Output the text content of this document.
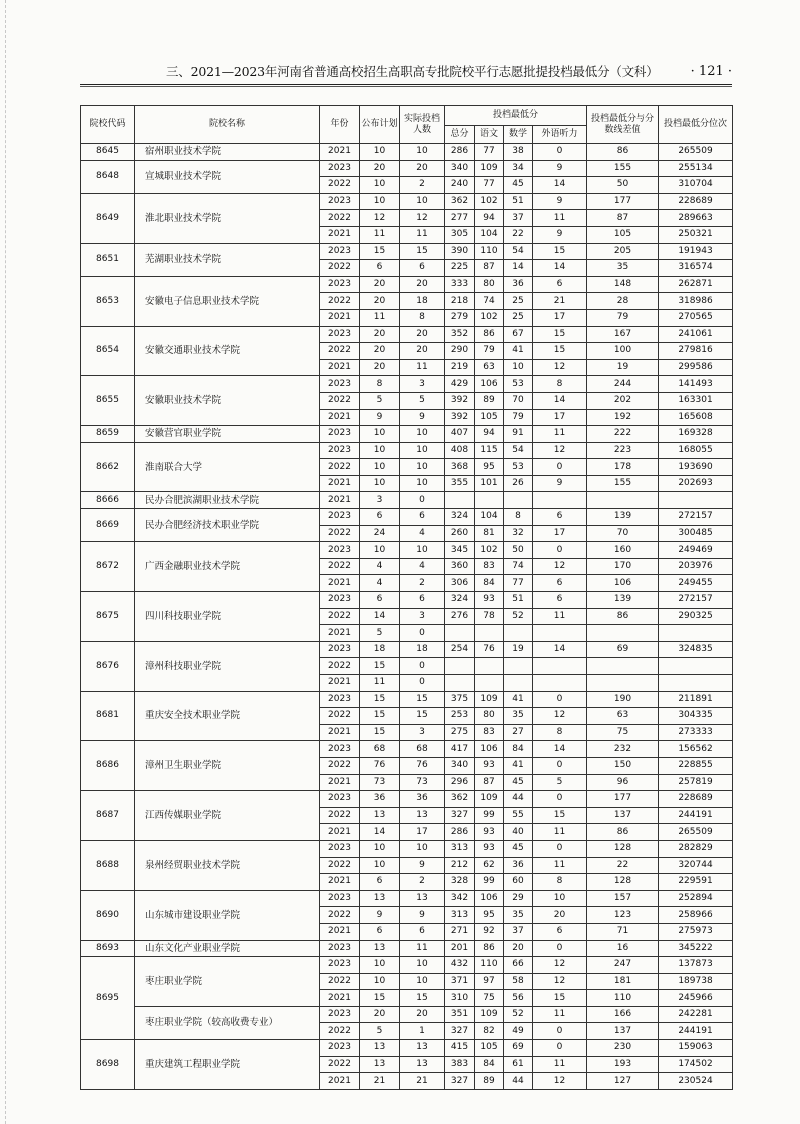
三、2021—2023年河南省普通高校招生高职高专批院校平行志愿批提投档最低分（文科） · 121 ·
院校代码	院校名称	年份	公布计划	实际投档人数	投档最低分				投档最低分与分数线差值	投档最低分位次
					总分	语文	数学	外语听力		
8645	宿州职业技术学院	2021	10	10	286	77	38	0	86	265509
8648	宣城职业技术学院	2023	20	20	340	109	34	9	155	255134
		2022	10	2	240	77	45	14	50	310704
8649	淮北职业技术学院	2023	10	10	362	102	51	9	177	228689
		2022	12	12	277	94	37	11	87	289663
		2021	11	11	305	104	22	9	105	250321
8651	芜湖职业技术学院	2023	15	15	390	110	54	15	205	191943
		2022	6	6	225	87	14	14	35	316574
8653	安徽电子信息职业技术学院	2023	20	20	333	80	36	6	148	262871
		2022	20	18	218	74	25	21	28	318986
		2021	11	8	279	102	25	17	79	270565
8654	安徽交通职业技术学院	2023	20	20	352	86	67	15	167	241061
		2022	20	20	290	79	41	15	100	279816
		2021	20	11	219	63	10	12	19	299586
8655	安徽职业技术学院	2023	8	3	429	106	53	8	244	141493
		2022	5	5	392	89	70	14	202	163301
		2021	9	9	392	105	79	17	192	165608
8659	安徽营官职业学院	2023	10	10	407	94	91	11	222	169328
8662	淮南联合大学	2023	10	10	408	115	54	12	223	168055
		2022	10	10	368	95	53	0	178	193690
		2021	10	10	355	101	26	9	155	202693
8666	民办合肥滨湖职业技术学院	2021	3	0						
8669	民办合肥经济技术职业学院	2023	6	6	324	104	8	6	139	272157
		2022	24	4	260	81	32	17	70	300485
8672	广西金融职业技术学院	2023	10	10	345	102	50	0	160	249469
		2022	4	4	360	83	74	12	170	203976
		2021	4	2	306	84	77	6	106	249455
8675	四川科技职业学院	2023	6	6	324	93	51	6	139	272157
		2022	14	3	276	78	52	11	86	290325
		2021	5	0						
8676	漳州科技职业学院	2023	18	18	254	76	19	14	69	324835
		2022	15	0						
		2021	11	0						
8681	重庆安全技术职业学院	2023	15	15	375	109	41	0	190	211891
		2022	15	15	253	80	35	12	63	304335
		2021	15	3	275	83	27	8	75	273333
8686	漳州卫生职业学院	2023	68	68	417	106	84	14	232	156562
		2022	76	76	340	93	41	0	150	228855
		2021	73	73	296	87	45	5	96	257819
8687	江西传媒职业学院	2023	36	36	362	109	44	0	177	228689
		2022	13	13	327	99	55	15	137	244191
		2021	14	17	286	93	40	11	86	265509
8688	泉州经贸职业技术学院	2023	10	10	313	93	45	0	128	282829
		2022	10	9	212	62	36	11	22	320744
		2021	6	2	328	99	60	8	128	229591
8690	山东城市建设职业学院	2023	13	13	342	106	29	10	157	252894
		2022	9	9	313	95	35	20	123	258966
		2021	6	6	271	92	37	6	71	275973
8693	山东文化产业职业学院	2023	13	11	201	86	20	0	16	345222
8695	枣庄职业学院	2023	10	10	432	110	66	12	247	137873
		2022	10	10	371	97	58	12	181	189738
		2021	15	15	310	75	56	15	110	245966
	枣庄职业学院（较高收费专业）	2023	20	20	351	109	52	11	166	242281
		2022	5	1	327	82	49	0	137	244191
8698	重庆建筑工程职业学院	2023	13	13	415	105	69	0	230	159063
		2022	13	13	383	84	61	11	193	174502
		2021	21	21	327	89	44	12	127	230524
